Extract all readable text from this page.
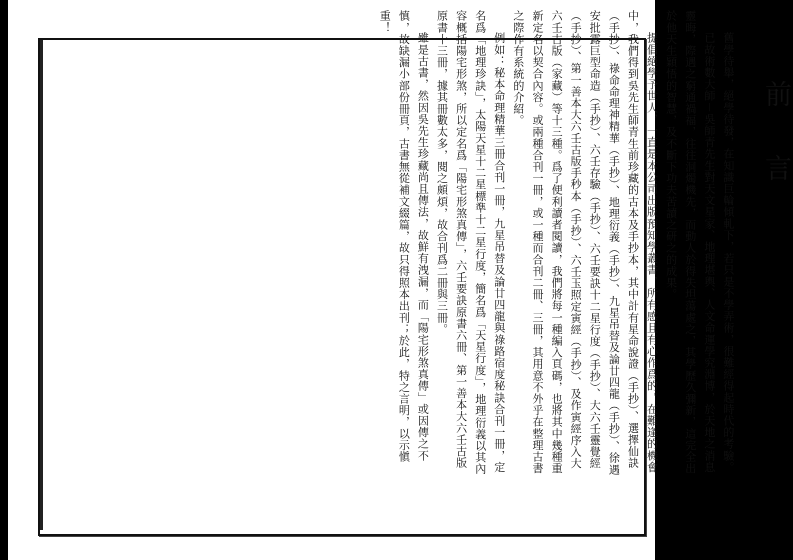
前　言

舊學待舉，絕學待發，在知識巨輪傾軋下，若只是不學弄術，很難經得起時代的考驗。

已故術數大師－吳師青先生對天文星家、地理堪輿、人文命運學究淵博，於天地之消息靈晦，際遇之窮通禍福，往往洞燭機先，而動人於得失坦蕩處之，其學歷久彌新，這完全出於他天生穎悟的智慧，及不斷下功夫苦讀之研之的成果。

提倡絕學予世人，一直是本公司出版預知學叢書，所有感且有心作爲的。在難逢的機會中，我們得到吳先生師青生前珍藏的古本及手抄本，其中計有星命說證（手抄）、選擇仙訣（手抄）、祿命命理神精華（手抄）、地理衍義（手抄）、九星吊替及論廿四龍（手抄）、徐遇安批露巨型命造（手抄）、六壬存驗（手抄）、六壬要訣十二星行度（手抄）、大六壬靈覺經（手抄）、第一善本大六壬古版手秒本（手抄）、六壬玉照定寅經（手抄）、及作寅經序入大六壬古版（家藏）等十三種。爲了便利讀者閱讀，我們將每一種編入頁碼，也將其中幾種重新定名以契合內容。或兩種合刊一冊，或一種而合刊二冊、三冊，其用意不外乎在整理古書之際作有系統的介紹。

例如：秘本命理精華三冊合刊一冊，九星吊替及論廿四龍與祿路宿度秘訣合刊一冊，定名爲「地理珍訣」，太陽天星十二星標準十二星行度，簡名爲「天星行度」，地理衍義以其內容概括陽宅形煞，所以定名爲「陽宅形煞真傳」，六壬要訣原書六冊、第一善本大六壬古版原書十三冊，據其冊數太多，閱之頗煩，故合刊爲二冊與三冊。

雖是古書，然因吳先生珍藏尚且傳法，故鮮有洩漏，而「陽宅形煞真傳」或因傳之不慎，故缺漏小部份冊頁，古書無從補文綴篇，故只得照本出刊；於此，特之言明，以示愼重！
